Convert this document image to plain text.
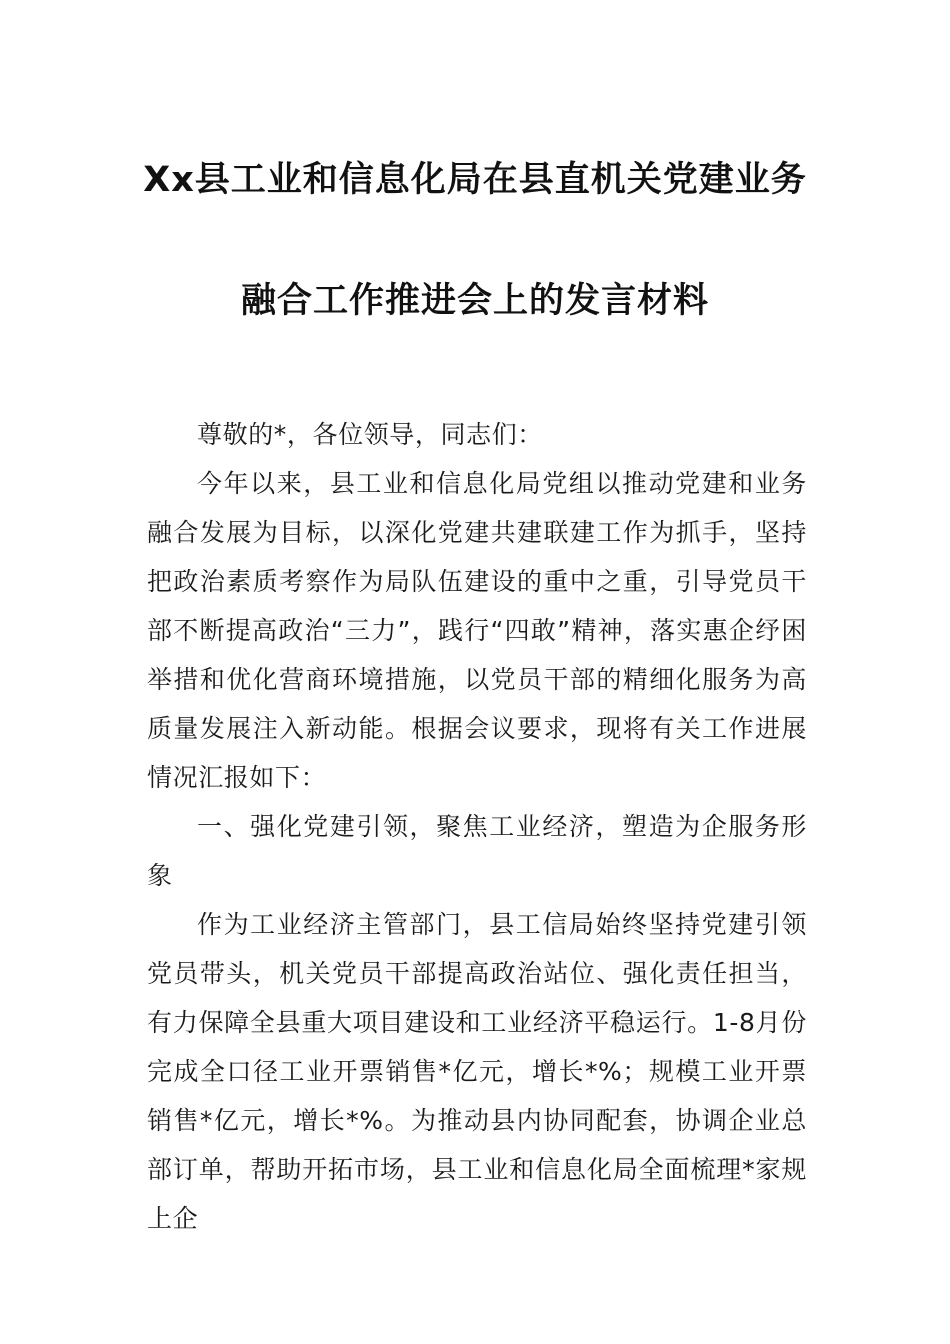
Xx县工业和信息化局在县直机关党建业务
融合工作推进会上的发言材料

尊敬的*，各位领导，同志们：

今年以来，县工业和信息化局党组以推动党建和业务融合发展为目标，以深化党建共建联建工作为抓手，坚持把政治素质考察作为局队伍建设的重中之重，引导党员干部不断提高政治“三力”，践行“四敢”精神，落实惠企纾困举措和优化营商环境措施，以党员干部的精细化服务为高质量发展注入新动能。根据会议要求，现将有关工作进展情况汇报如下：

一、强化党建引领，聚焦工业经济，塑造为企服务形象

作为工业经济主管部门，县工信局始终坚持党建引领党员带头，机关党员干部提高政治站位、强化责任担当，有力保障全县重大项目建设和工业经济平稳运行。1-8月份完成全口径工业开票销售*亿元，增长*%；规模工业开票销售*亿元，增长*%。为推动县内协同配套，协调企业总部订单，帮助开拓市场，县工业和信息化局全面梳理*家规上企
